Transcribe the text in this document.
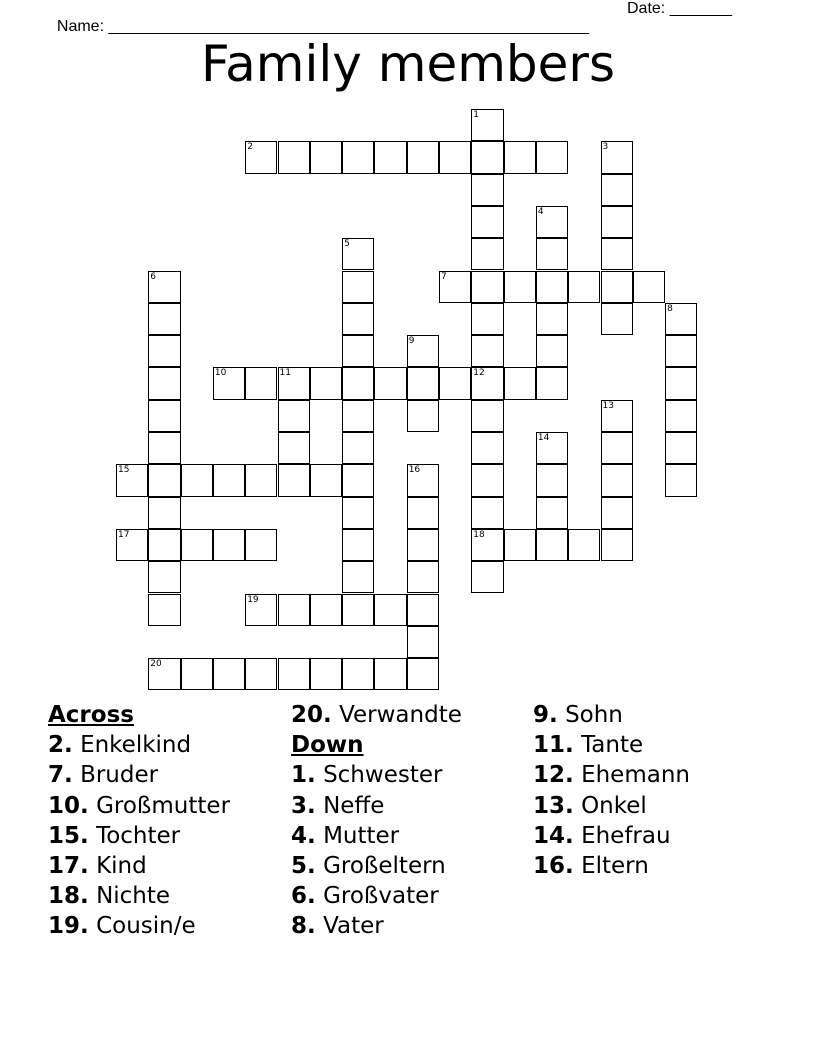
Name: ______________________________________________________

Date: _______

Family members
1
2	3
4
5
6	7
8
9
10	11	12
18
13
14
15	16
17
19
20
Across
2. Enkelkind
7. Bruder
10. Großmutter
15. Tochter
17. Kind
18. Nichte
19. Cousin/e
20. Verwandte
Down
1. Schwester
3. Neffe
4. Mutter
5. Großeltern
6. Großvater
8. Vater
9. Sohn
11. Tante
12. Ehemann
13. Onkel
14. Ehefrau
16. Eltern
